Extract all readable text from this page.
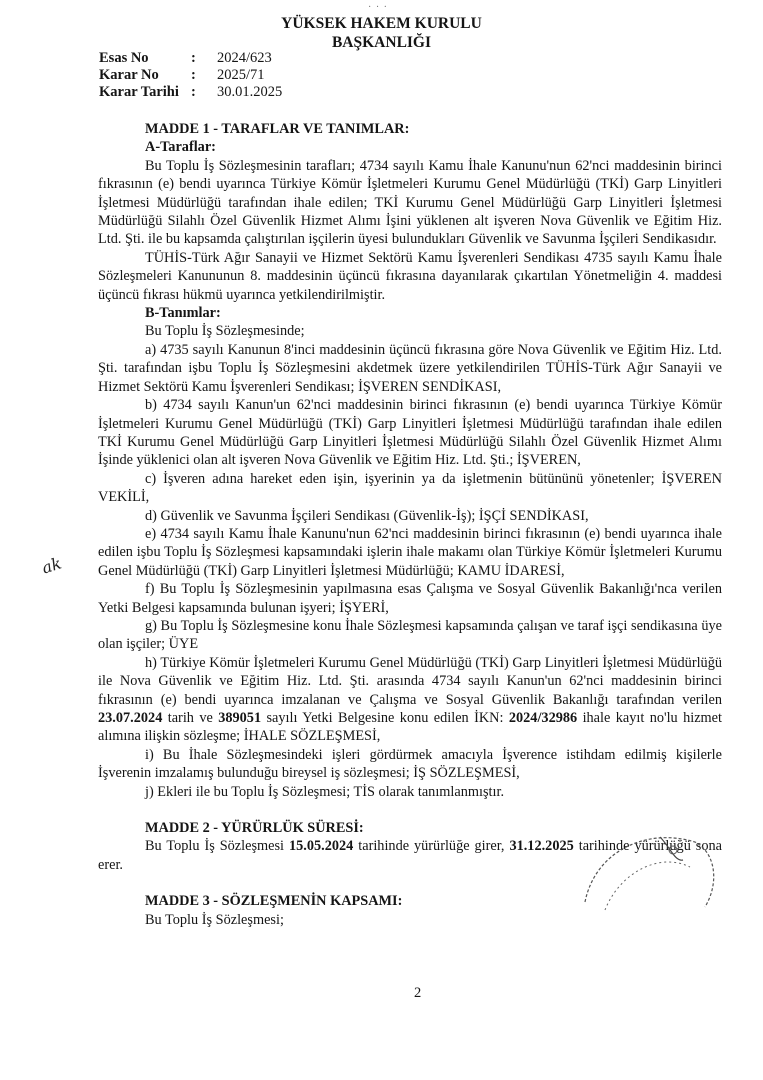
· · ·
YÜKSEK HAKEM KURULU
BAŞKANLIĞI
Esas No	:	2024/623
Karar No	:	2025/71
Karar Tarihi :	30.01.2025

MADDE 1 - TARAFLAR VE TANIMLAR:

A-Taraflar:

Bu Toplu İş Sözleşmesinin tarafları; 4734 sayılı Kamu İhale Kanunu'nun 62'nci maddesinin birinci fıkrasının (e) bendi uyarınca Türkiye Kömür İşletmeleri Kurumu Genel Müdürlüğü (TKİ) Garp Linyitleri İşletmesi Müdürlüğü tarafından ihale edilen; TKİ Kurumu Genel Müdürlüğü Garp Linyitleri İşletmesi Müdürlüğü Silahlı Özel Güvenlik Hizmet Alımı İşini yüklenen alt işveren Nova Güvenlik ve Eğitim Hiz. Ltd. Şti. ile bu kapsamda çalıştırılan işçilerin üyesi bulundukları Güvenlik ve Savunma İşçileri Sendikasıdır.

TÜHİS-Türk Ağır Sanayii ve Hizmet Sektörü Kamu İşverenleri Sendikası 4735 sayılı Kamu İhale Sözleşmeleri Kanununun 8. maddesinin üçüncü fıkrasına dayanılarak çıkartılan Yönetmeliğin 4. maddesi üçüncü fıkrası hükmü uyarınca yetkilendirilmiştir.

B-Tanımlar:

Bu Toplu İş Sözleşmesinde;

a) 4735 sayılı Kanunun 8'inci maddesinin üçüncü fıkrasına göre Nova Güvenlik ve Eğitim Hiz. Ltd. Şti. tarafından işbu Toplu İş Sözleşmesini akdetmek üzere yetkilendirilen TÜHİS-Türk Ağır Sanayii ve Hizmet Sektörü Kamu İşverenleri Sendikası; İŞVEREN SENDİKASI,

b) 4734 sayılı Kanun'un 62'nci maddesinin birinci fıkrasının (e) bendi uyarınca Türkiye Kömür İşletmeleri Kurumu Genel Müdürlüğü (TKİ) Garp Linyitleri İşletmesi Müdürlüğü tarafından ihale edilen TKİ Kurumu Genel Müdürlüğü Garp Linyitleri İşletmesi Müdürlüğü Silahlı Özel Güvenlik Hizmet Alımı İşinde yüklenici olan alt işveren Nova Güvenlik ve Eğitim Hiz. Ltd. Şti.; İŞVEREN,

c) İşveren adına hareket eden işin, işyerinin ya da işletmenin bütününü yönetenler; İŞVEREN VEKİLİ,

d) Güvenlik ve Savunma İşçileri Sendikası (Güvenlik-İş); İŞÇİ SENDİKASI,

e) 4734 sayılı Kamu İhale Kanunu'nun 62'nci maddesinin birinci fıkrasının (e) bendi uyarınca ihale edilen işbu Toplu İş Sözleşmesi kapsamındaki işlerin ihale makamı olan Türkiye Kömür İşletmeleri Kurumu Genel Müdürlüğü (TKİ) Garp Linyitleri İşletmesi Müdürlüğü; KAMU İDARESİ,

f) Bu Toplu İş Sözleşmesinin yapılmasına esas Çalışma ve Sosyal Güvenlik Bakanlığı'nca verilen Yetki Belgesi kapsamında bulunan işyeri; İŞYERİ,

g) Bu Toplu İş Sözleşmesine konu İhale Sözleşmesi kapsamında çalışan ve taraf işçi sendikasına üye olan işçiler; ÜYE

h) Türkiye Kömür İşletmeleri Kurumu Genel Müdürlüğü (TKİ) Garp Linyitleri İşletmesi Müdürlüğü ile Nova Güvenlik ve Eğitim Hiz. Ltd. Şti. arasında 4734 sayılı Kanun'un 62'nci maddesinin birinci fıkrasının (e) bendi uyarınca imzalanan ve Çalışma ve Sosyal Güvenlik Bakanlığı tarafından verilen 23.07.2024 tarih ve 389051 sayılı Yetki Belgesine konu edilen İKN: 2024/32986 ihale kayıt no'lu hizmet alımına ilişkin sözleşme; İHALE SÖZLEŞMESİ,

i) Bu İhale Sözleşmesindeki işleri gördürmek amacıyla İşverence istihdam edilmiş kişilerle İşverenin imzalamış bulunduğu bireysel iş sözleşmesi; İŞ SÖZLEŞMESİ,

j) Ekleri ile bu Toplu İş Sözleşmesi; TİS olarak tanımlanmıştır.

MADDE 2 - YÜRÜRLÜK SÜRESİ:

Bu Toplu İş Sözleşmesi 15.05.2024 tarihinde yürürlüğe girer, 31.12.2025 tarihinde yürürlüğü sona erer.

MADDE 3 - SÖZLEŞMENİN KAPSAMI:

Bu Toplu İş Sözleşmesi;

ak
2
